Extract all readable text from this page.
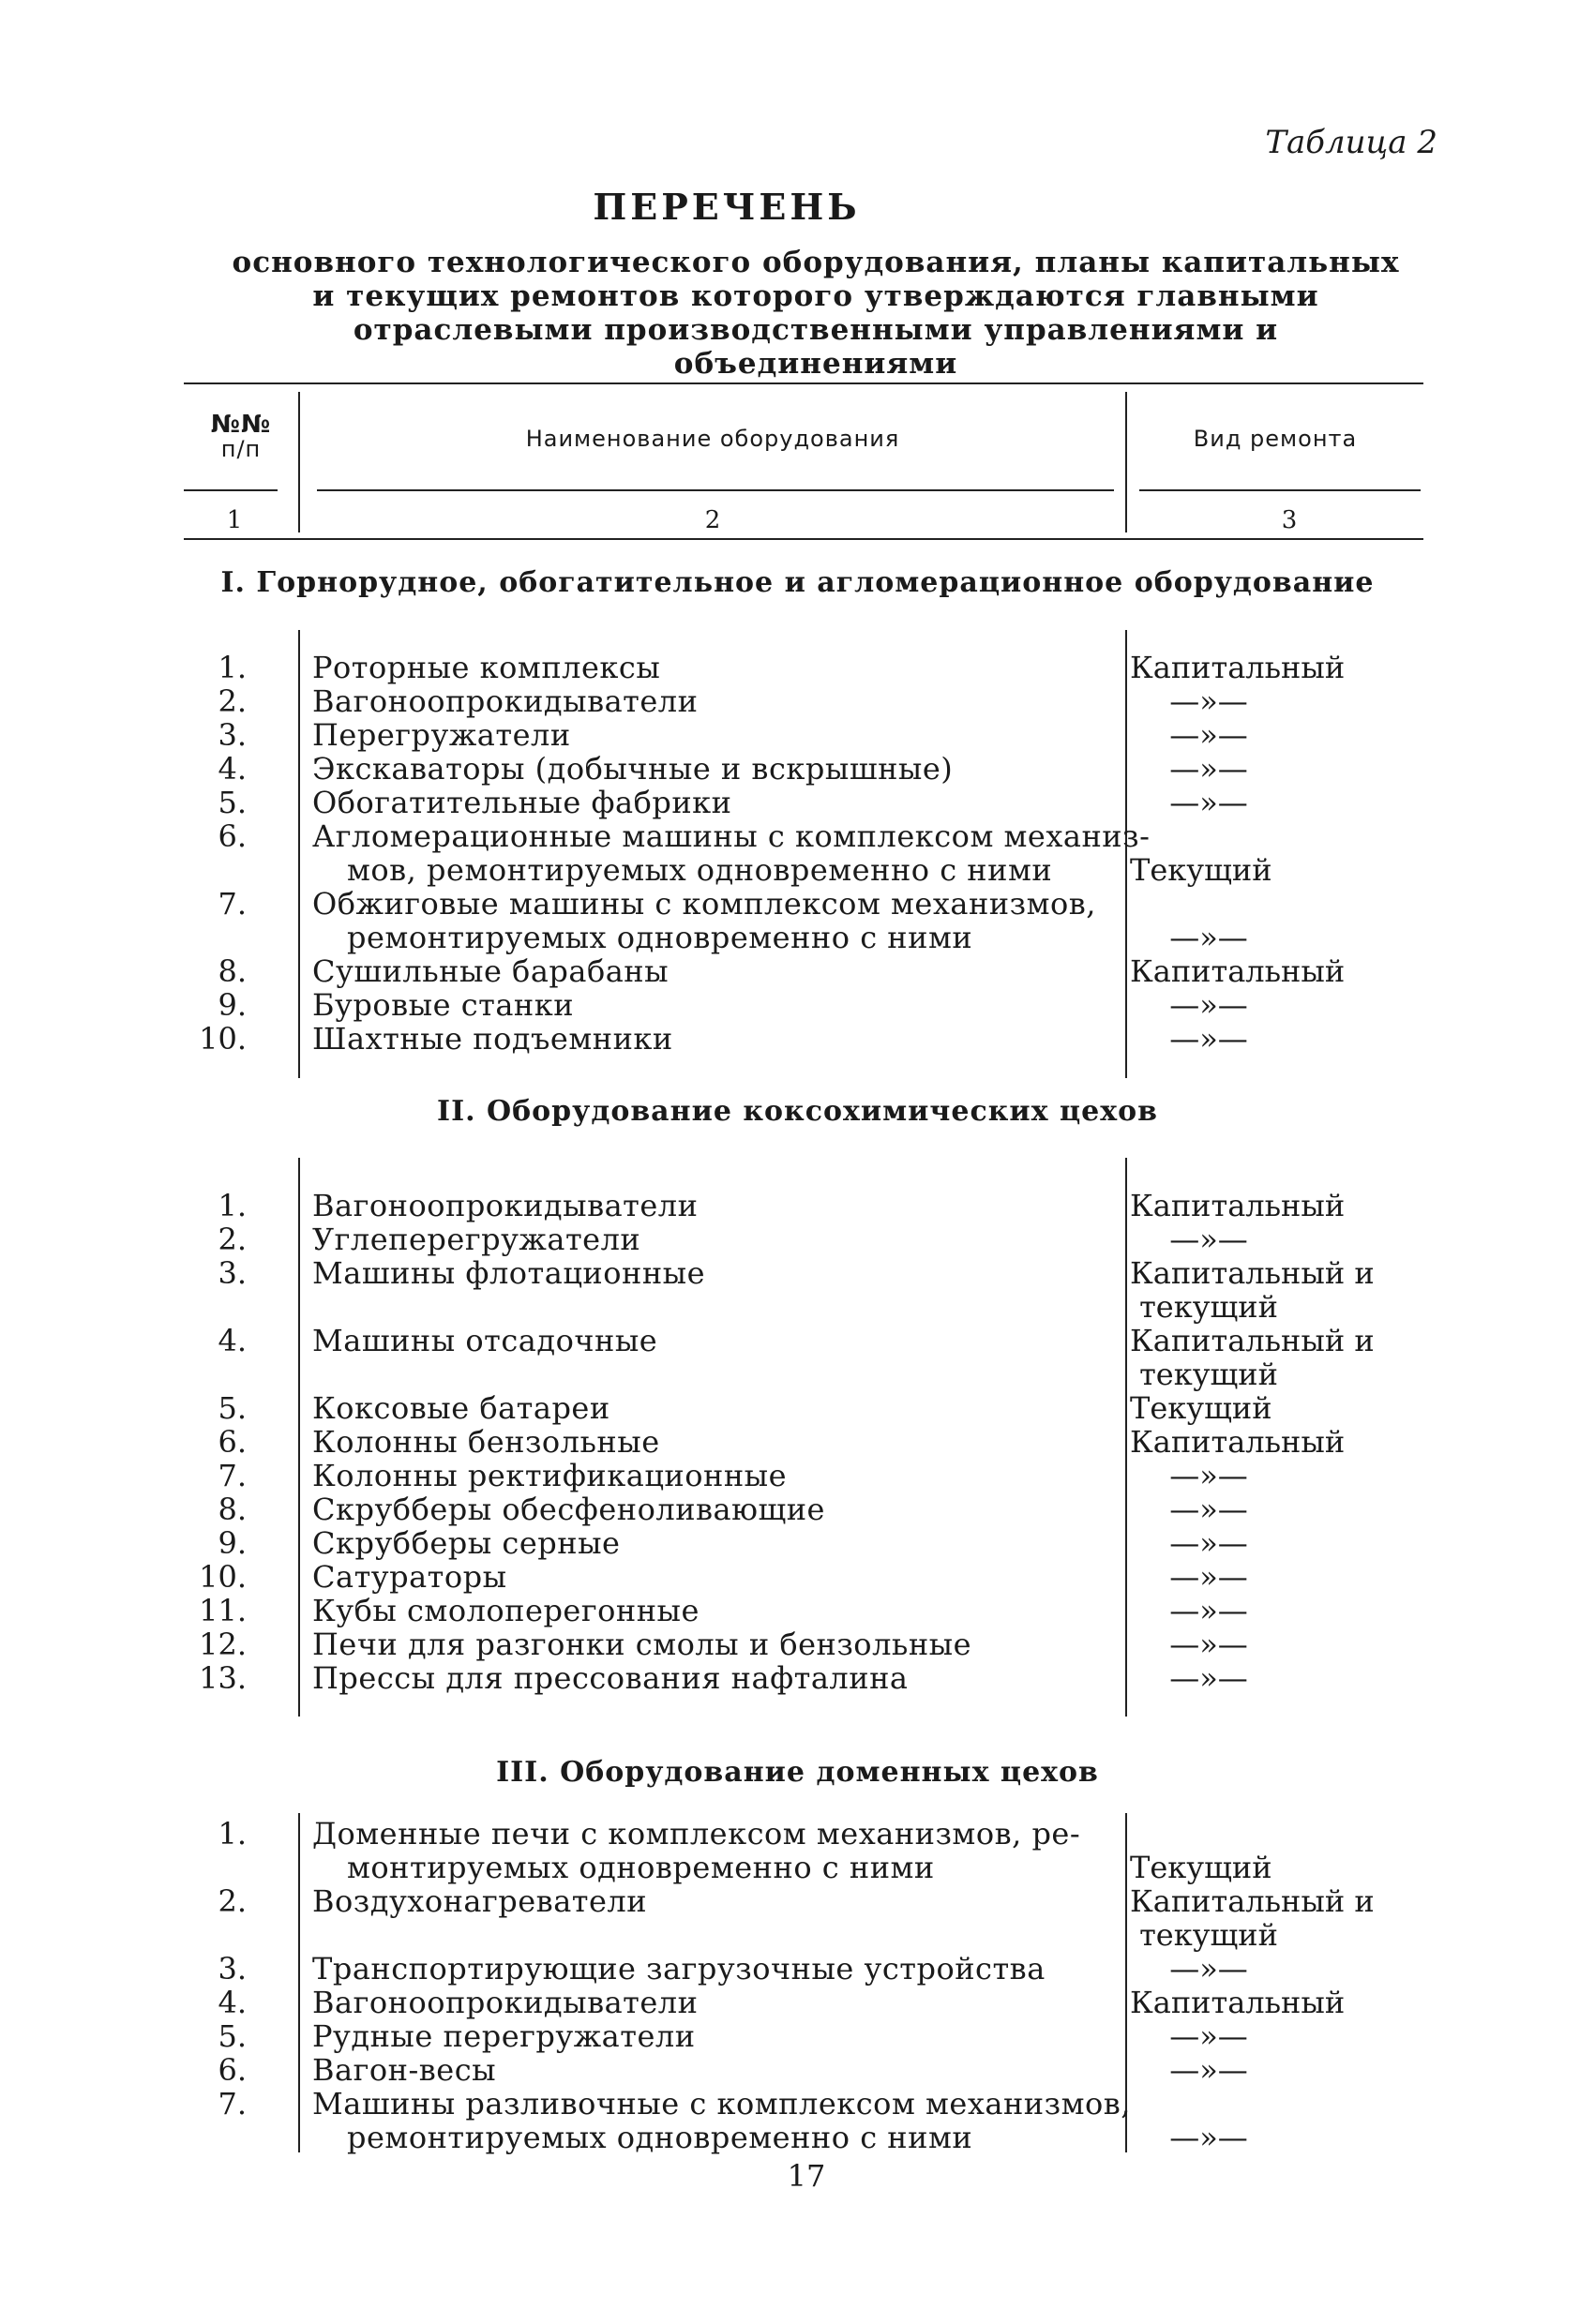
Таблица 2
ПЕРЕЧЕНЬ
основного технологического оборудования, планы капитальных
и текущих ремонтов которого утверждаются главными
отраслевыми производственными управлениями и объединениями
№№
п/п	Наименование оборудования	Вид ремонта
1	2	3
I. Горнорудное, обогатительное и агломерационное оборудование
1. Роторные комплексы	Капитальный
2. Вагоноопрокидыватели	—»—
3. Перегружатели	—»—
4. Экскаваторы (добычные и вскрышные)	—»—
5. Обогатительные фабрики	—»—
6. Агломерационные машины с комплексом механиз-
мов, ремонтируемых одновременно с ними	Текущий
7. Обжиговые машины с комплексом механизмов,
ремонтируемых одновременно с ними	—»—
8. Сушильные барабаны	Капитальный
9. Буровые станки	—»—
10. Шахтные подъемники	—»—
II. Оборудование коксохимических цехов
1. Вагоноопрокидыватели	Капитальный
2. Углеперегружатели	—»—
3. Машины флотационные	Капитальный и
текущий
4. Машины отсадочные	Капитальный и
текущий
5. Коксовые батареи	Текущий
6. Колонны бензольные	Капитальный
7. Колонны ректификационные	—»—
8. Скрубберы обесфеноливающие	—»—
9. Скрубберы серные	—»—
10. Сатураторы	—»—
11. Кубы смолоперегонные	—»—
12. Печи для разгонки смолы и бензольные	—»—
13. Прессы для прессования нафталина	—»—
III. Оборудование доменных цехов
1. Доменные печи с комплексом механизмов, ре-
монтируемых одновременно с ними	Текущий
2. Воздухонагреватели	Капитальный и
текущий
3. Транспортирующие загрузочные устройства	—»—
4. Вагоноопрокидыватели	Капитальный
5. Рудные перегружатели	—»—
6. Вагон-весы	—»—
7. Машины разливочные с комплексом механизмов,
ремонтируемых одновременно с ними	—»—
17
